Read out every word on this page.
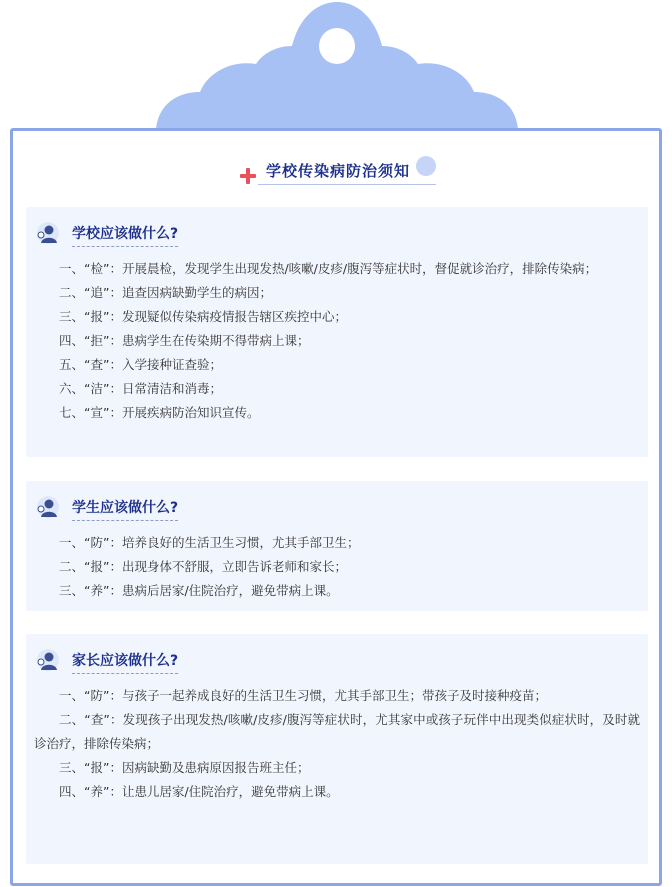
学校传染病防治须知
学校应该做什么?

一、“检”：开展晨检，发现学生出现发热/咳嗽/皮疹/腹泻等症状时，督促就诊治疗，排除传染病；

二、“追”：追查因病缺勤学生的病因；

三、“报”：发现疑似传染病疫情报告辖区疾控中心；

四、“拒”：患病学生在传染期不得带病上课；

五、“查”：入学接种证查验；

六、“洁”：日常清洁和消毒；

七、“宣”：开展疾病防治知识宣传。

学生应该做什么?

一、“防”：培养良好的生活卫生习惯，尤其手部卫生；

二、“报”：出现身体不舒服，立即告诉老师和家长；

三、“养”：患病后居家/住院治疗，避免带病上课。

家长应该做什么?

一、“防”：与孩子一起养成良好的生活卫生习惯，尤其手部卫生；带孩子及时接种疫苗；

二、“查”：发现孩子出现发热/咳嗽/皮疹/腹泻等症状时，尤其家中或孩子玩伴中出现类似症状时，及时就诊治疗，排除传染病；

三、“报”：因病缺勤及患病原因报告班主任；

四、“养”：让患儿居家/住院治疗，避免带病上课。
